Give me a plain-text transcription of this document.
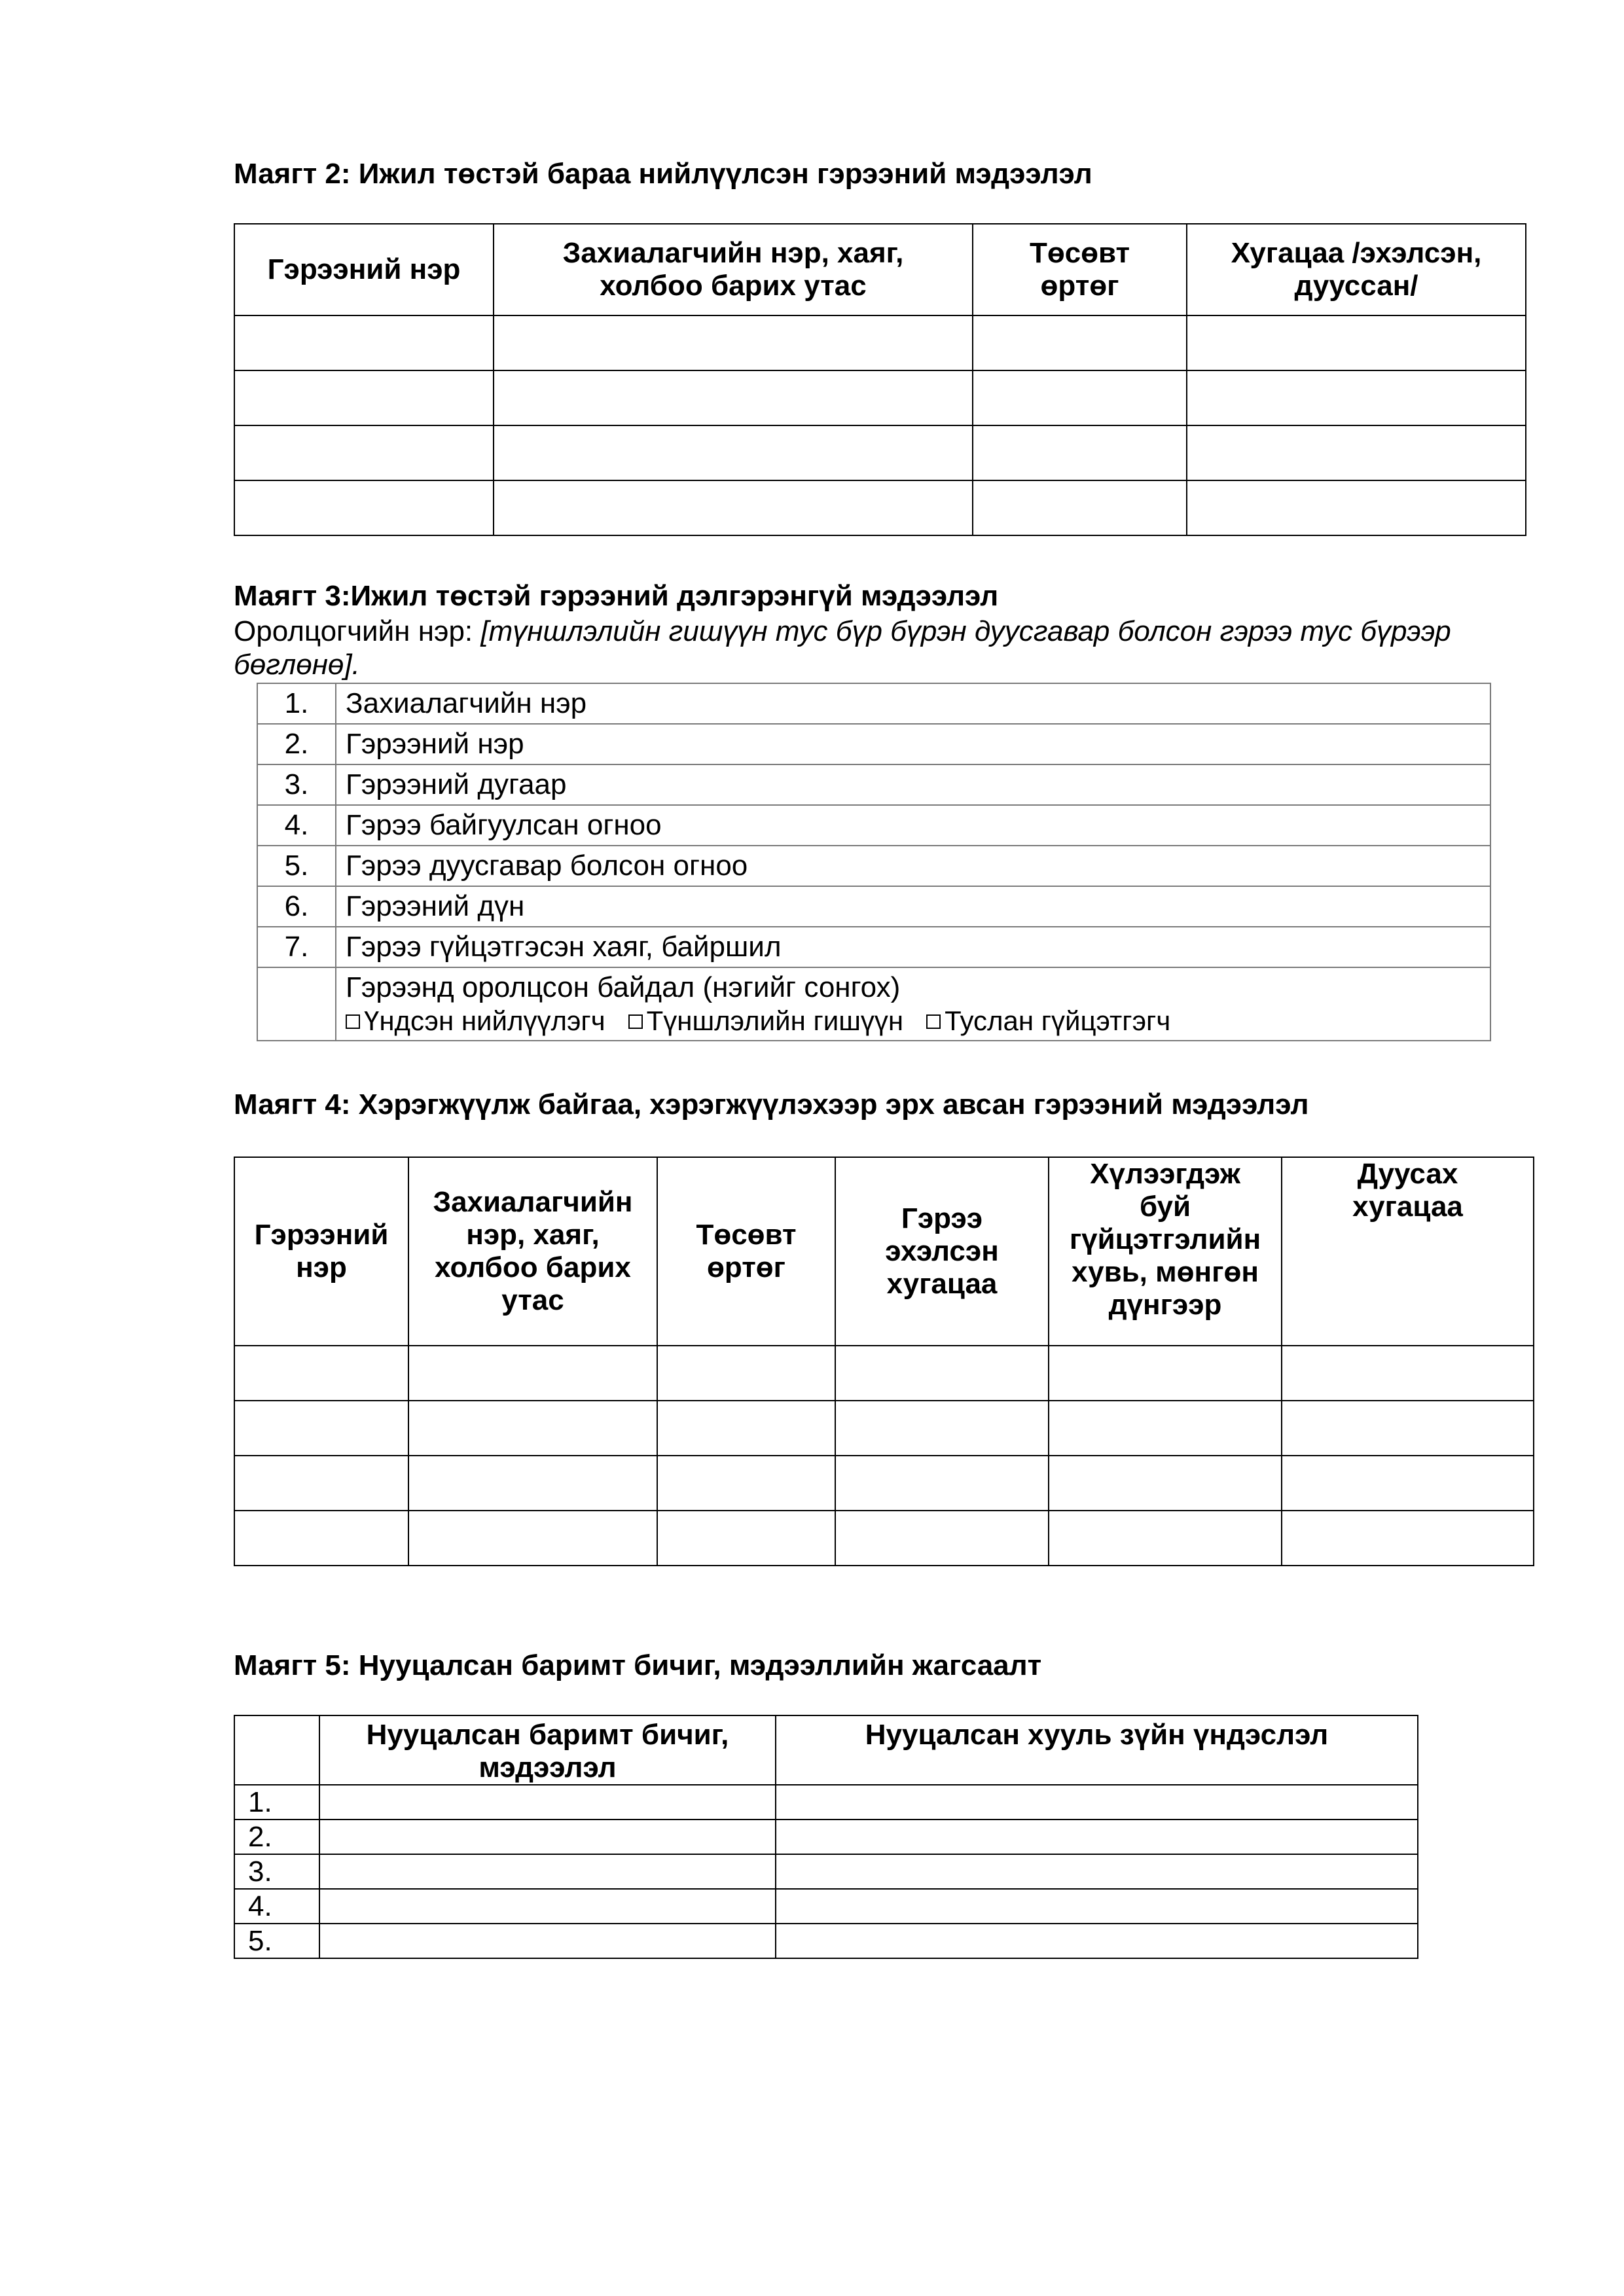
Маягт 2: Ижил төстэй бараа нийлүүлсэн гэрээний мэдээлэл
Гэрээний нэр	Захиалагчийн нэр, хаяг, холбоо барих утас	Төсөвт өртөг	Хугацаа /эхэлсэн, дууссан/

Маягт 3:Ижил төстэй гэрээний дэлгэрэнгүй мэдээлэл
Оролцогчийн нэр: [түншлэлийн гишүүн тус бүр бүрэн дуусгавар болсон гэрээ тус бүрээр
бөглөнө].
1.	Захиалагчийн нэр
2.	Гэрээний нэр
3.	Гэрээний дугаар
4.	Гэрээ байгуулсан огноо
5.	Гэрээ дуусгавар болсон огноо
6.	Гэрээний дүн
7.	Гэрээ гүйцэтгэсэн хаяг, байршил

	Гэрээнд оролцсон байдал (нэгийг сонгох)
Үндсэн нийлүүлэгч Түншлэлийн гишүүн Туслан гүйцэтгэгч
Маягт 4: Хэрэгжүүлж байгаа, хэрэгжүүлэхээр эрх авсан гэрээний мэдээлэл
Гэрээний нэр	Захиалагчийн нэр, хаяг, холбоо барих утас	Төсөвт өртөг	Гэрээ эхэлсэн хугацаа	Хүлээгдэж буй гүйцэтгэлийн хувь, мөнгөн дүнгээр	Дуусах хугацаа

Маягт 5: Нууцалсан баримт бичиг, мэдээллийн жагсаалт
	Нууцалсан баримт бичиг, мэдээлэл	Нууцалсан хууль зүйн үндэслэл
1.		
2.		
3.		
4.		
5.		
